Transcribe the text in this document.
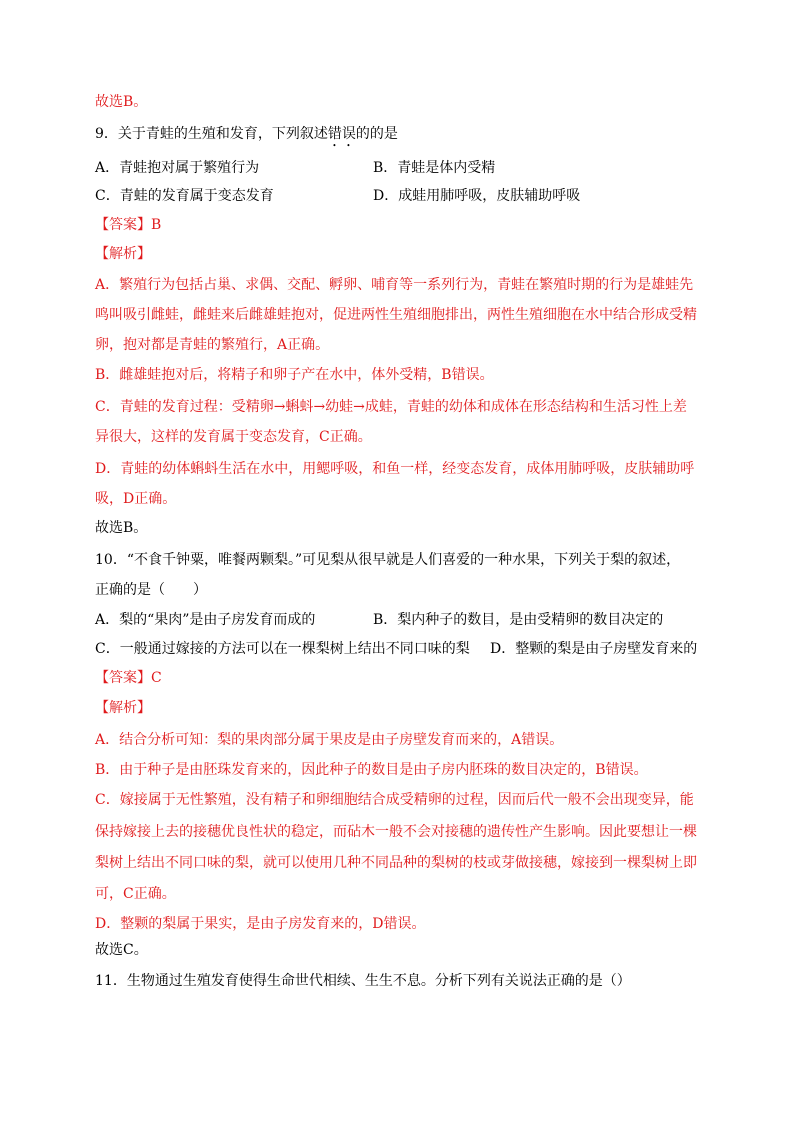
故选B。
9．关于青蛙的生殖和发育，下列叙述错误的的是
A．青蛙抱对属于繁殖行为	B．青蛙是体内受精
C．青蛙的发育属于变态发育	D．成蛙用肺呼吸，皮肤辅助呼吸
【答案】B
【解析】
A．繁殖行为包括占巢、求偶、交配、孵卵、哺育等一系列行为，青蛙在繁殖时期的行为是雄蛙先
鸣叫吸引雌蛙，雌蛙来后雌雄蛙抱对，促进两性生殖细胞排出，两性生殖细胞在水中结合形成受精
卵，抱对都是青蛙的繁殖行，A正确。
B．雌雄蛙抱对后，将精子和卵子产在水中，体外受精，B错误。
C．青蛙的发育过程：受精卵→蝌蚪→幼蛙→成蛙，青蛙的幼体和成体在形态结构和生活习性上差
异很大，这样的发育属于变态发育，C正确。
D．青蛙的幼体蝌蚪生活在水中，用鳃呼吸，和鱼一样，经变态发育，成体用肺呼吸，皮肤辅助呼
吸，D正确。
故选B。
10．“不食千钟粟，唯餐两颗梨。”可见梨从很早就是人们喜爱的一种水果，下列关于梨的叙述，
正确的是（　　）
A．梨的“果肉”是由子房发育而成的	B．梨内种子的数目，是由受精卵的数目决定的
C．一般通过嫁接的方法可以在一棵梨树上结出不同口味的梨 D．整颗的梨是由子房壁发育来的
【答案】C
【解析】
A．结合分析可知：梨的果肉部分属于果皮是由子房壁发育而来的，A错误。
B．由于种子是由胚珠发育来的，因此种子的数目是由子房内胚珠的数目决定的，B错误。
C．嫁接属于无性繁殖，没有精子和卵细胞结合成受精卵的过程，因而后代一般不会出现变异，能
保持嫁接上去的接穗优良性状的稳定，而砧木一般不会对接穗的遗传性产生影响。因此要想让一棵
梨树上结出不同口味的梨，就可以使用几种不同品种的梨树的枝或芽做接穗，嫁接到一棵梨树上即
可，C正确。
D．整颗的梨属于果实，是由子房发育来的，D错误。
故选C。
11．生物通过生殖发育使得生命世代相续、生生不息。分析下列有关说法正确的是（）
